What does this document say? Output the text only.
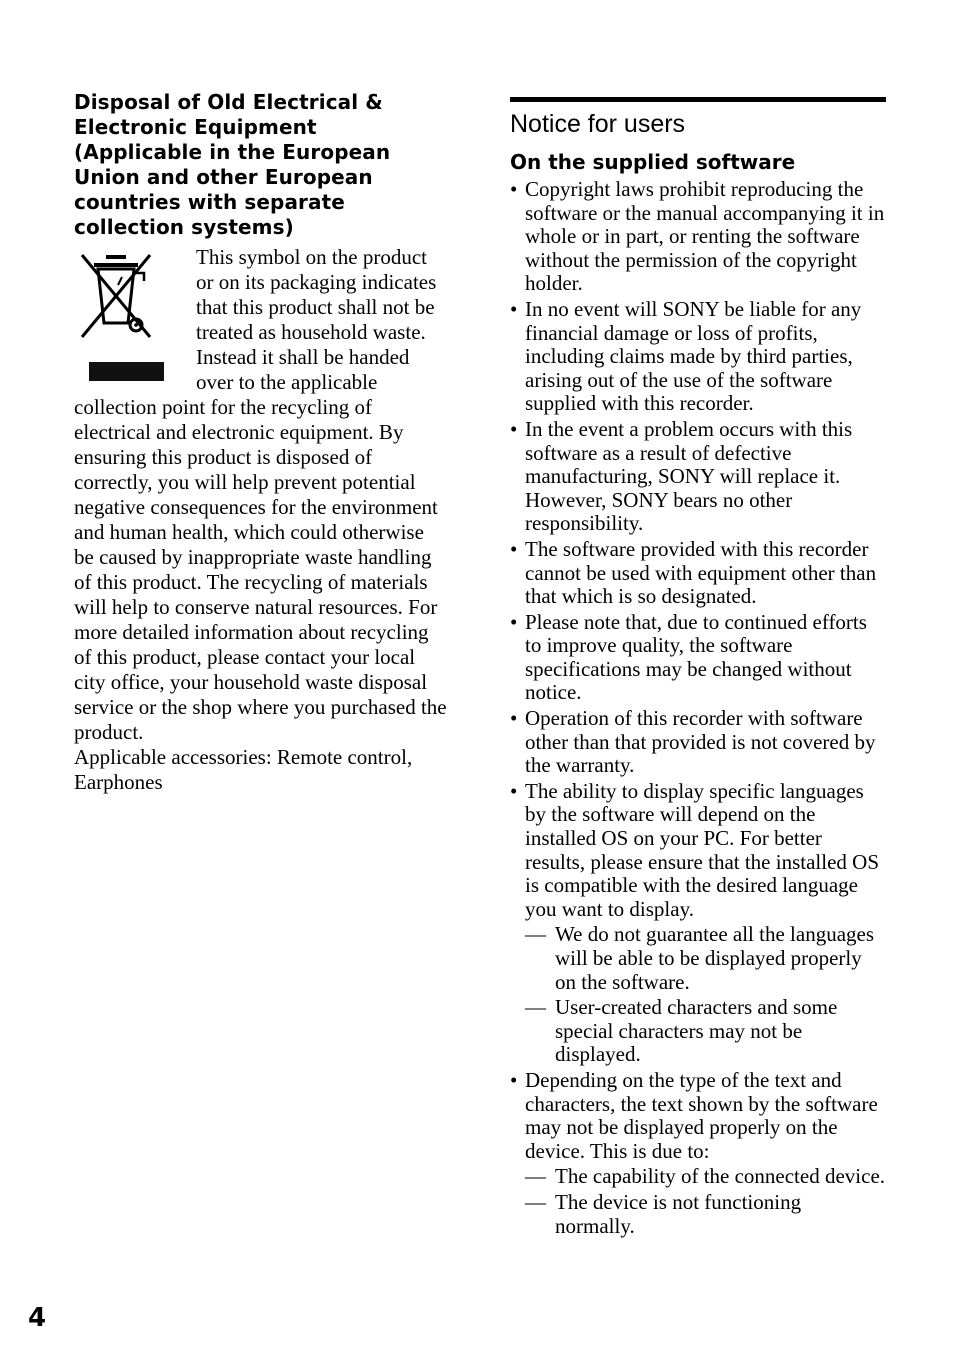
Disposal of Old Electrical & Electronic Equipment (Applicable in the European Union and other European countries with separate collection systems)

This symbol on the product or on its packaging indicates that this product shall not be treated as household waste. Instead it shall be handed over to the applicable collection point for the recycling of electrical and electronic equipment. By ensuring this product is disposed of correctly, you will help prevent potential negative consequences for the environment and human health, which could otherwise be caused by inappropriate waste handling of this product. The recycling of materials will help to conserve natural resources. For more detailed information about recycling of this product, please contact your local city office, your household waste disposal service or the shop where you purchased the product.

Applicable accessories: Remote control, Earphones

Notice for users
On the supplied software
• Copyright laws prohibit reproducing the software or the manual accompanying it in whole or in part, or renting the software without the permission of the copyright holder.
• In no event will SONY be liable for any financial damage or loss of profits, including claims made by third parties, arising out of the use of the software supplied with this recorder.
• In the event a problem occurs with this software as a result of defective manufacturing, SONY will replace it. However, SONY bears no other responsibility.
• The software provided with this recorder cannot be used with equipment other than that which is so designated.
• Please note that, due to continued efforts to improve quality, the software specifications may be changed without notice.
• Operation of this recorder with software other than that provided is not covered by the warranty.
• The ability to display specific languages by the software will depend on the installed OS on your PC. For better results, please ensure that the installed OS is compatible with the desired language you want to display.
— We do not guarantee all the languages will be able to be displayed properly on the software.
— User-created characters and some special characters may not be displayed.
• Depending on the type of the text and characters, the text shown by the software may not be displayed properly on the device. This is due to:
— The capability of the connected device.
— The device is not functioning normally.
4
